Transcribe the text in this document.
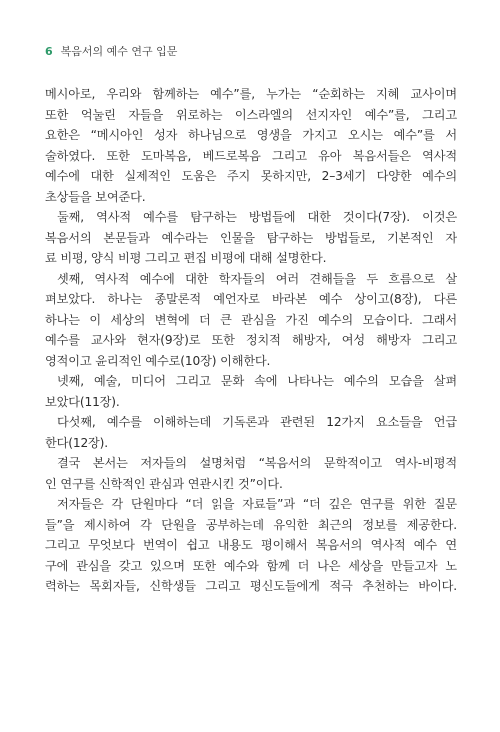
6 복음서의 예수 연구 입문
메시아로, 우리와 함께하는 예수”를, 누가는 “순회하는 지혜 교사이며
또한 억눌린 자들을 위로하는 이스라엘의 선지자인 예수”를, 그리고
요한은 “메시아인 성자 하나님으로 영생을 가지고 오시는 예수”를 서
술하였다. 또한 도마복음, 베드로복음 그리고 유아 복음서들은 역사적
예수에 대한 실제적인 도움은 주지 못하지만, 2–3세기 다양한 예수의
초상들을 보여준다.
둘째, 역사적 예수를 탐구하는 방법들에 대한 것이다(7장). 이것은
복음서의 본문들과 예수라는 인물을 탐구하는 방법들로, 기본적인 자
료 비평, 양식 비평 그리고 편집 비평에 대해 설명한다.
셋째, 역사적 예수에 대한 학자들의 여러 견해들을 두 흐름으로 살
펴보았다. 하나는 종말론적 예언자로 바라본 예수 상이고(8장), 다른
하나는 이 세상의 변혁에 더 큰 관심을 가진 예수의 모습이다. 그래서
예수를 교사와 현자(9장)로 또한 정치적 해방자, 여성 해방자 그리고
영적이고 윤리적인 예수로(10장) 이해한다.
넷째, 예술, 미디어 그리고 문화 속에 나타나는 예수의 모습을 살펴
보았다(11장).
다섯째, 예수를 이해하는데 기독론과 관련된 12가지 요소들을 언급
한다(12장).
결국 본서는 저자들의 설명처럼 “복음서의 문학적이고 역사-비평적
인 연구를 신학적인 관심과 연관시킨 것”이다.
저자들은 각 단원마다 “더 읽을 자료들”과 “더 깊은 연구를 위한 질문
들”을 제시하여 각 단원을 공부하는데 유익한 최근의 정보를 제공한다.
그리고 무엇보다 번역이 쉽고 내용도 평이해서 복음서의 역사적 예수 연
구에 관심을 갖고 있으며 또한 예수와 함께 더 나은 세상을 만들고자 노
력하는 목회자들, 신학생들 그리고 평신도들에게 적극 추천하는 바이다.
